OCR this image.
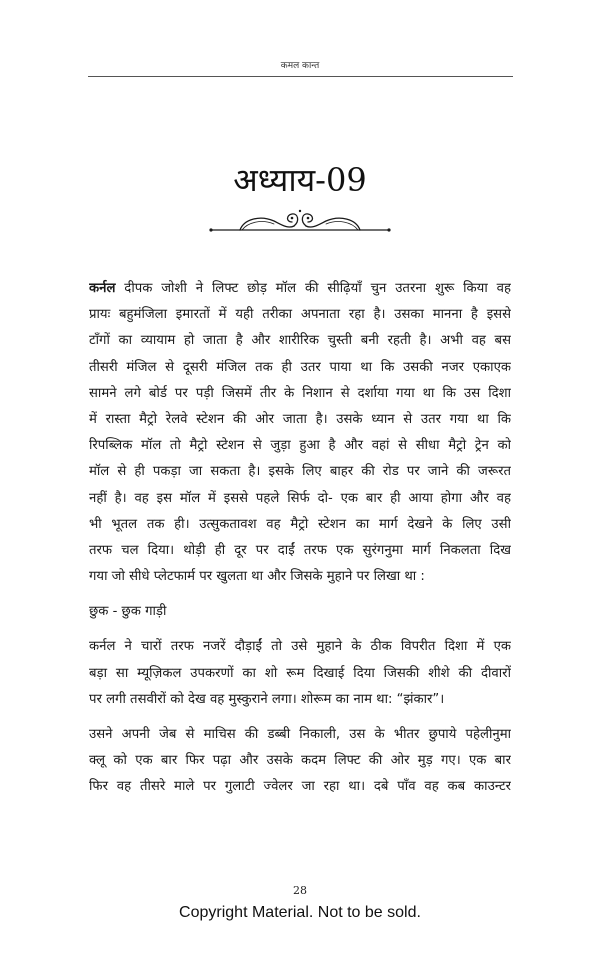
कमल कान्त
अध्याय-09
कर्नल दीपक जोशी ने लिफ्ट छोड़ मॉल की सीढ़ियाँ चुन उतरना शुरू किया वह
प्रायः बहुमंजिला इमारतों में यही तरीका अपनाता रहा है। उसका मानना है इससे
टाँगों का व्यायाम हो जाता है और शारीरिक चुस्ती बनी रहती है। अभी वह बस
तीसरी मंजिल से दूसरी मंजिल तक ही उतर पाया था कि उसकी नजर एकाएक
सामने लगे बोर्ड पर पड़ी जिसमें तीर के निशान से दर्शाया गया था कि उस दिशा
में रास्ता मैट्रो रेलवे स्टेशन की ओर जाता है। उसके ध्यान से उतर गया था कि
रिपब्लिक मॉल तो मैट्रो स्टेशन से जुड़ा हुआ है और वहां से सीधा मैट्रो ट्रेन को
मॉल से ही पकड़ा जा सकता है। इसके लिए बाहर की रोड पर जाने की जरूरत
नहीं है। वह इस मॉल में इससे पहले सिर्फ दो- एक बार ही आया होगा और वह
भी भूतल तक ही। उत्सुकतावश वह मैट्रो स्टेशन का मार्ग देखने के लिए उसी
तरफ चल दिया। थोड़ी ही दूर पर दाईं तरफ एक सुरंगनुमा मार्ग निकलता दिख
गया जो सीधे प्लेटफार्म पर खुलता था और जिसके मुहाने पर लिखा था :
छुक - छुक गाड़ी
कर्नल ने चारों तरफ नजरें दौड़ाईं तो उसे मुहाने के ठीक विपरीत दिशा में एक
बड़ा सा म्यूज़िकल उपकरणों का शो रूम दिखाई दिया जिसकी शीशे की दीवारों
पर लगी तसवीरों को देख वह मुस्कुराने लगा। शोरूम का नाम था: “झंकार”।
उसने अपनी जेब से माचिस की डब्बी निकाली, उस के भीतर छुपाये पहेलीनुमा
क्लू को एक बार फिर पढ़ा और उसके कदम लिफ्ट की ओर मुड़ गए। एक बार
फिर वह तीसरे माले पर गुलाटी ज्वेलर जा रहा था। दबे पाँव वह कब काउन्टर
28
Copyright Material. Not to be sold.
